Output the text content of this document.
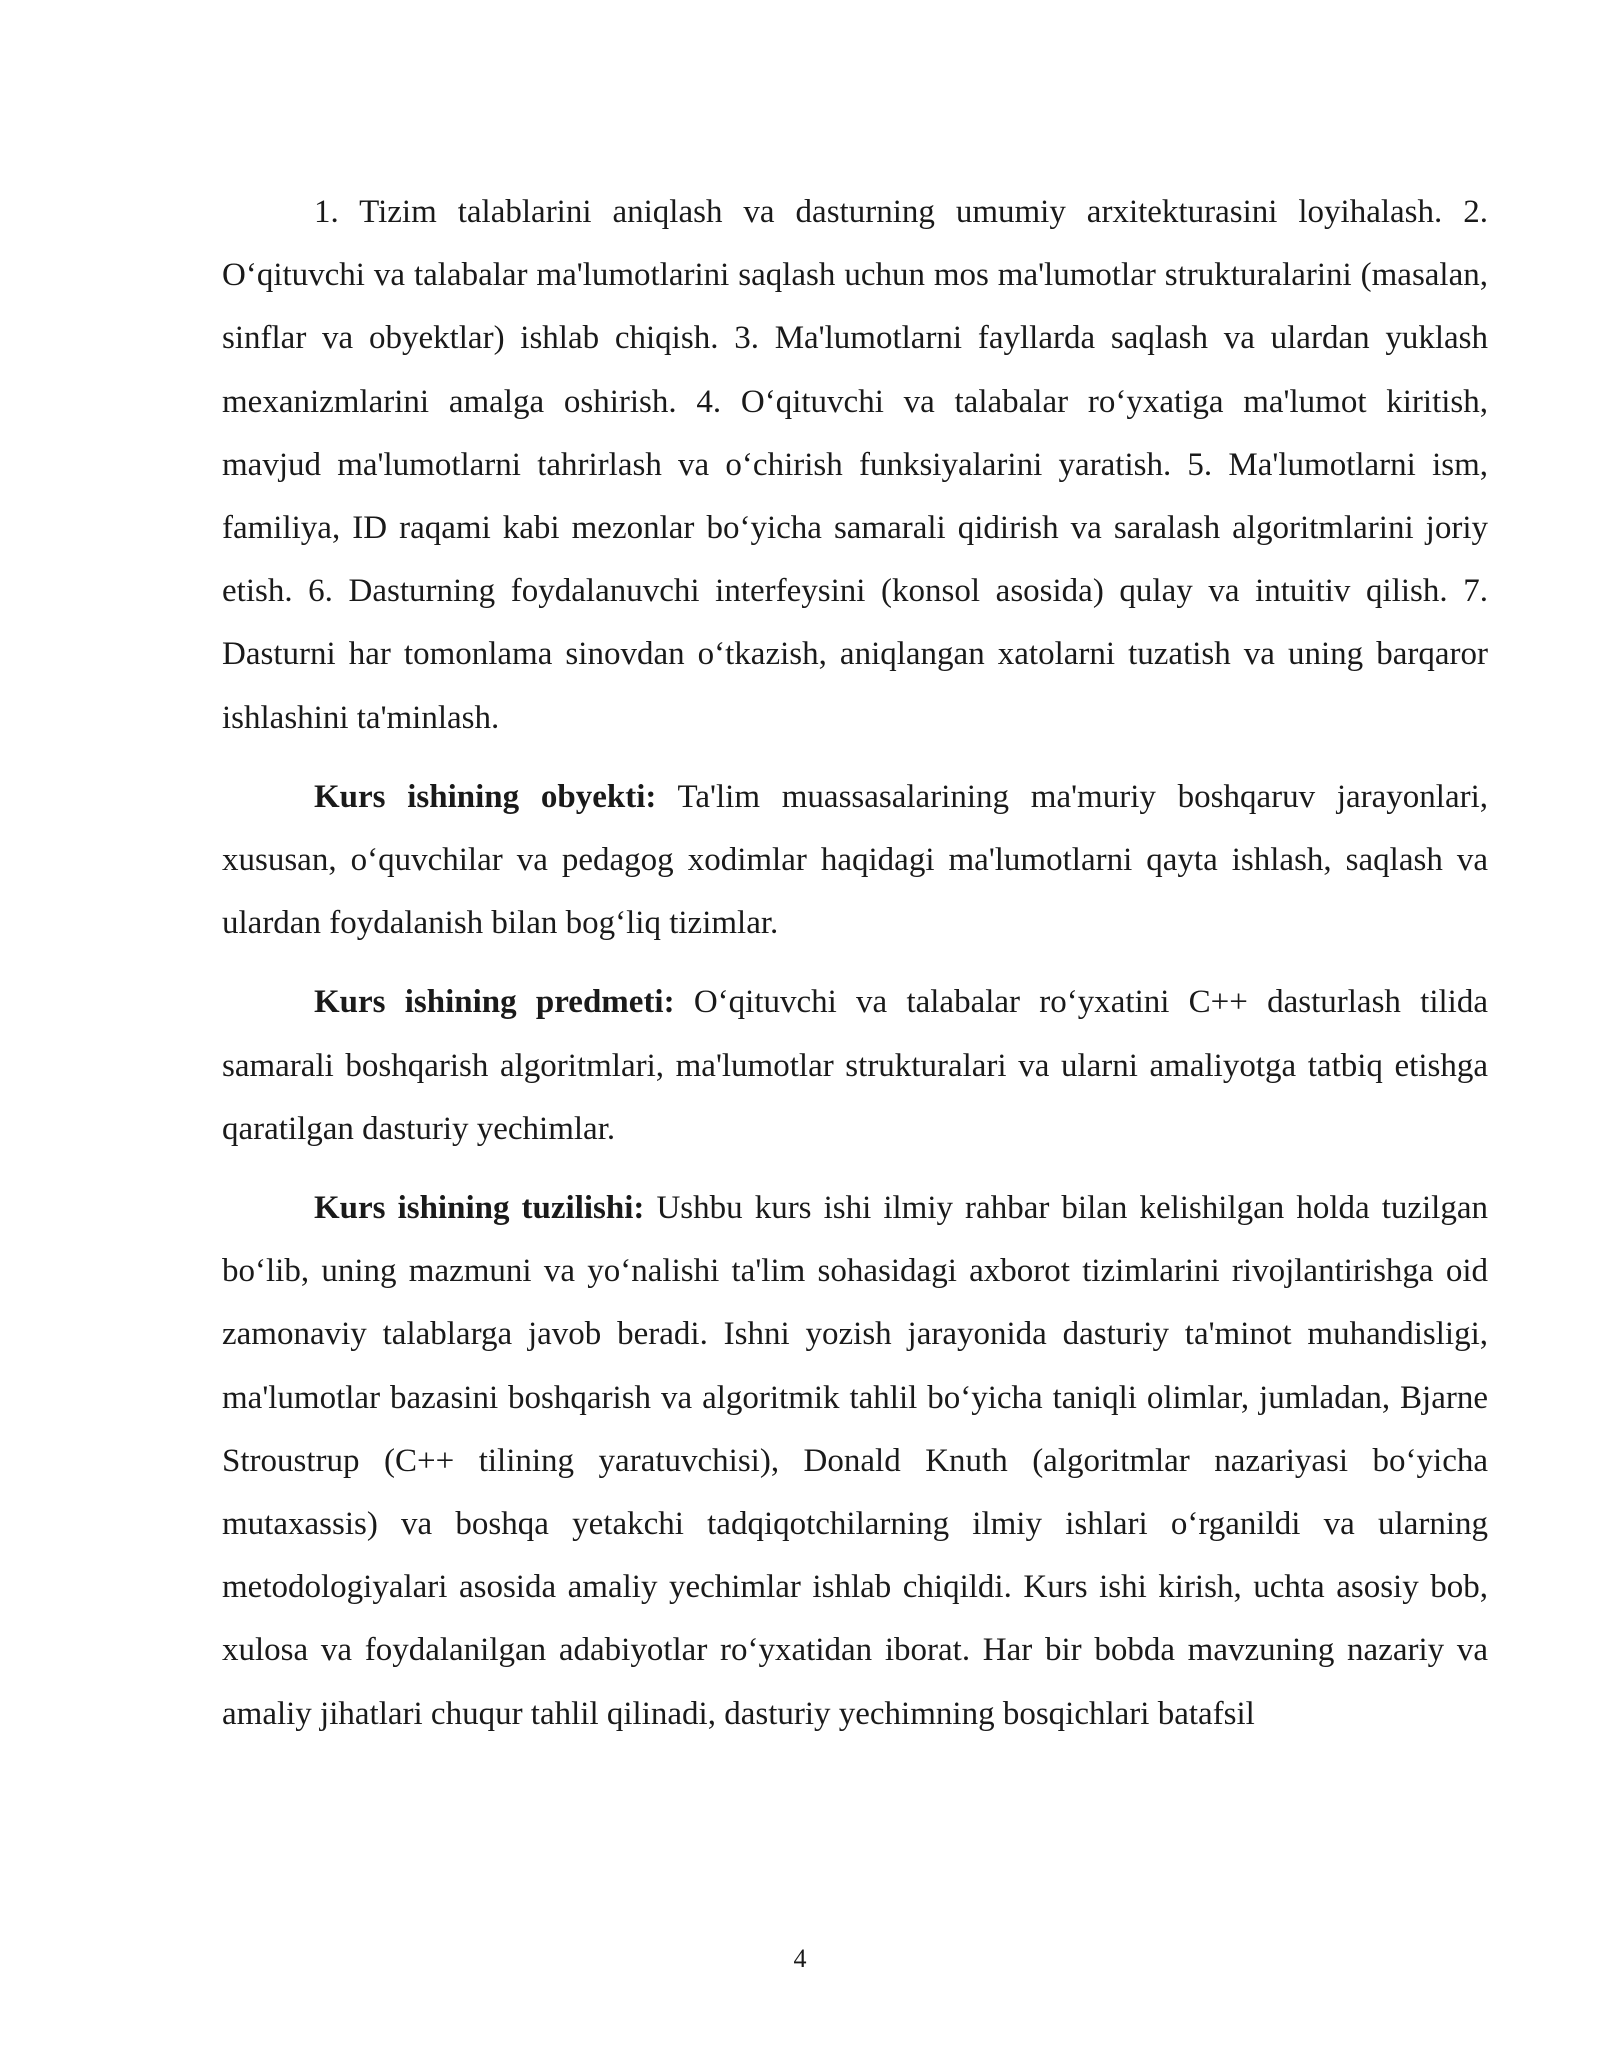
1. Tizim talablarini aniqlash va dasturning umumiy arxitekturasini loyihalash. 2. O‘qituvchi va talabalar ma'lumotlarini saqlash uchun mos ma'lumotlar strukturalarini (masalan, sinflar va obyektlar) ishlab chiqish. 3. Ma'lumotlarni fayllarda saqlash va ulardan yuklash mexanizmlarini amalga oshirish. 4. O‘qituvchi va talabalar ro‘yxatiga ma'lumot kiritish, mavjud ma'lumotlarni tahrirlash va o‘chirish funksiyalarini yaratish. 5. Ma'lumotlarni ism, familiya, ID raqami kabi mezonlar bo‘yicha samarali qidirish va saralash algoritmlarini joriy etish. 6. Dasturning foydalanuvchi interfeysini (konsol asosida) qulay va intuitiv qilish. 7. Dasturni har tomonlama sinovdan o‘tkazish, aniqlangan xatolarni tuzatish va uning barqaror ishlashini ta'minlash.

Kurs ishining obyekti: Ta'lim muassasalarining ma'muriy boshqaruv jarayonlari, xususan, o‘quvchilar va pedagog xodimlar haqidagi ma'lumotlarni qayta ishlash, saqlash va ulardan foydalanish bilan bog‘liq tizimlar.

Kurs ishining predmeti: O‘qituvchi va talabalar ro‘yxatini C++ dasturlash tilida samarali boshqarish algoritmlari, ma'lumotlar strukturalari va ularni amaliyotga tatbiq etishga qaratilgan dasturiy yechimlar.

Kurs ishining tuzilishi: Ushbu kurs ishi ilmiy rahbar bilan kelishilgan holda tuzilgan bo‘lib, uning mazmuni va yo‘nalishi ta'lim sohasidagi axborot tizimlarini rivojlantirishga oid zamonaviy talablarga javob beradi. Ishni yozish jarayonida dasturiy ta'minot muhandisligi, ma'lumotlar bazasini boshqarish va algoritmik tahlil bo‘yicha taniqli olimlar, jumladan, Bjarne Stroustrup (C++ tilining yaratuvchisi), Donald Knuth (algoritmlar nazariyasi bo‘yicha mutaxassis) va boshqa yetakchi tadqiqotchilarning ilmiy ishlari o‘rganildi va ularning metodologiyalari asosida amaliy yechimlar ishlab chiqildi. Kurs ishi kirish, uchta asosiy bob, xulosa va foydalanilgan adabiyotlar ro‘yxatidan iborat. Har bir bobda mavzuning nazariy va amaliy jihatlari chuqur tahlil qilinadi, dasturiy yechimning bosqichlari batafsil

4
